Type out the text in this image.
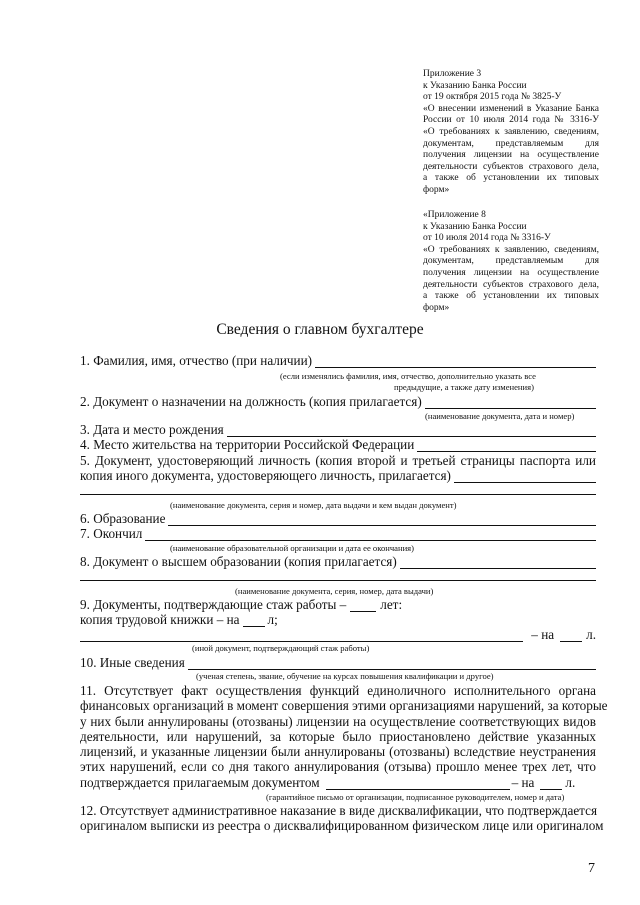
Приложение 3
к Указанию Банка России
от 19 октября 2015 года № 3825-У
«О внесении изменений в Указание Банка
России от 10 июля 2014 года № 3316-У
«О требованиях к заявлению, сведениям,
документам, представляемым для
получения лицензии на осуществление
деятельности субъектов страхового дела,
а также об установлении их типовых
форм»
«Приложение 8
к Указанию Банка России
от 10 июля 2014 года № 3316-У
«О требованиях к заявлению, сведениям,
документам, представляемым для
получения лицензии на осуществление
деятельности субъектов страхового дела,
а также об установлении их типовых
форм»
Сведения о главном бухгалтере
1. Фамилия, имя, отчество (при наличии)
(если изменялись фамилия, имя, отчество, дополнительно указать все
предыдущие, а также дату изменения)
2. Документ о назначении на должность (копия прилагается)
(наименование документа, дата и номер)
3. Дата и место рождения
4. Место жительства на территории Российской Федерации
5. Документ, удостоверяющий личность (копия второй и третьей страницы паспорта или
копия иного документа, удостоверяющего личность, прилагается)
(наименование документа, серия и номер, дата выдачи и кем выдан документ)
6. Образование
7. Окончил
(наименование образовательной организации и дата ее окончания)
8. Документ о высшем образовании (копия прилагается)
(наименование документа, серия, номер, дата выдачи)
9. Документы, подтверждающие стаж работы –	лет:
копия трудовой книжки – на л;
– на л.
(иной документ, подтверждающий стаж работы)
10. Иные сведения
(ученая степень, звание, обучение на курсах повышения квалификации и другое)
11. Отсутствует факт осуществления функций единоличного исполнительного органа
финансовых организаций в момент совершения этими организациями нарушений, за которые
у них были аннулированы (отозваны) лицензии на осуществление соответствующих видов
деятельности, или нарушений, за которые было приостановлено действие указанных
лицензий, и указанные лицензии были аннулированы (отозваны) вследствие неустранения
этих нарушений, если со дня такого аннулирования (отзыва) прошло менее трех лет, что
подтверждается прилагаемым документом	– на л.
(гарантийное письмо от организации, подписанное руководителем, номер и дата)
12. Отсутствует административное наказание в виде дисквалификации, что подтверждается
оригиналом выписки из реестра о дисквалифицированном физическом лице или оригиналом
7
